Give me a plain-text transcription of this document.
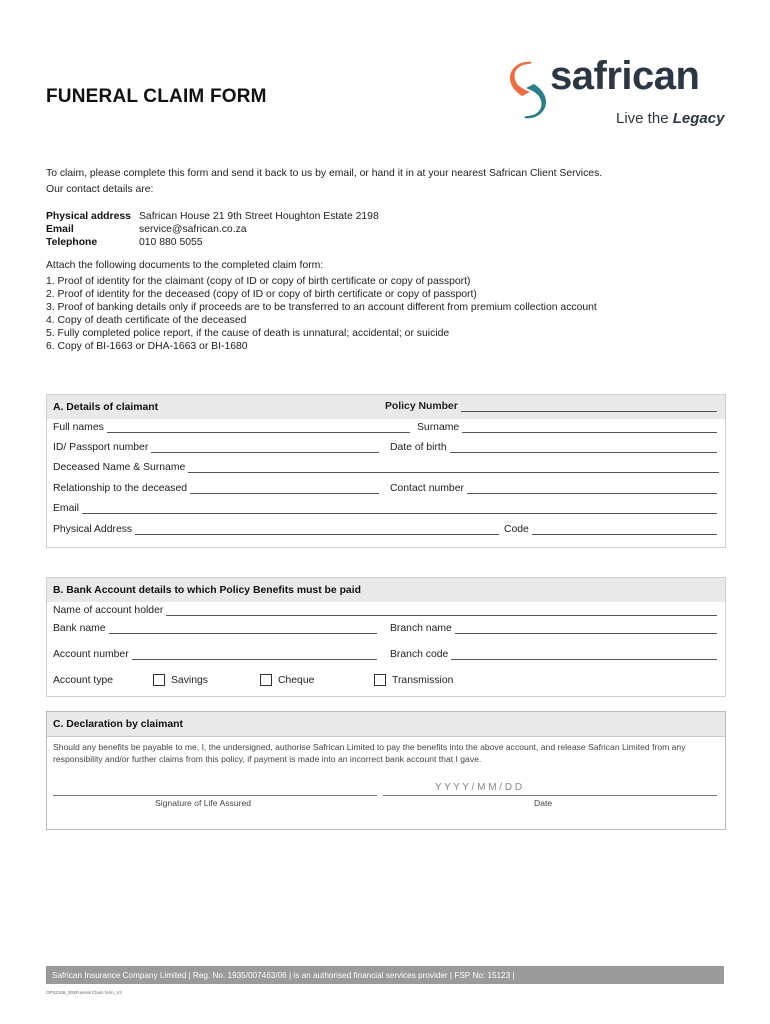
FUNERAL CLAIM FORM	safrican
Live the Legacy
To claim, please complete this form and send it back to us by email, or hand it in at your nearest Safrican Client Services.
Our contact details are:
Physical address Safrican House 21 9th Street Houghton Estate 2198
Email	service@safrican.co.za
Telephone	010 880 5055
Attach the following documents to the completed claim form:
1. Proof of identity for the claimant (copy of ID or copy of birth certificate or copy of passport)
2. Proof of identity for the deceased (copy of ID or copy of birth certificate or copy of passport)
3. Proof of banking details only if proceeds are to be transferred to an account different from premium collection account
4. Copy of death certificate of the deceased
5. Fully completed police report, if the cause of death is unnatural; accidental; or suicide
6. Copy of BI-1663 or DHA-1663 or BI-1680
A. Details of claimant	Policy Number
Full names	Surname
ID/ Passport number	Date of birth
Deceased Name & Surname
Relationship to the deceased	Contact number
Email
Physical Address	Code
B. Bank Account details to which Policy Benefits must be paid
Name of account holder
Bank name	Branch name
Account number	Branch code
Account type	Savings	Cheque	Transmission
C. Declaration by claimant
Should any benefits be payable to me, I, the undersigned, authorise Safrican Limited to pay the benefits into the above account, and release Safrican Limited from any responsibility and/or further claims from this policy, if payment is made into an incorrect bank account that I gave.
Signature of Life Assured
Y Y Y Y / M M / D D
Date
Safrican Insurance Company Limited | Reg. No. 1935/007463/06 | is an authorised financial services provider | FSP No: 15123 |
OPS2106_003Funeral Claim form_V2
